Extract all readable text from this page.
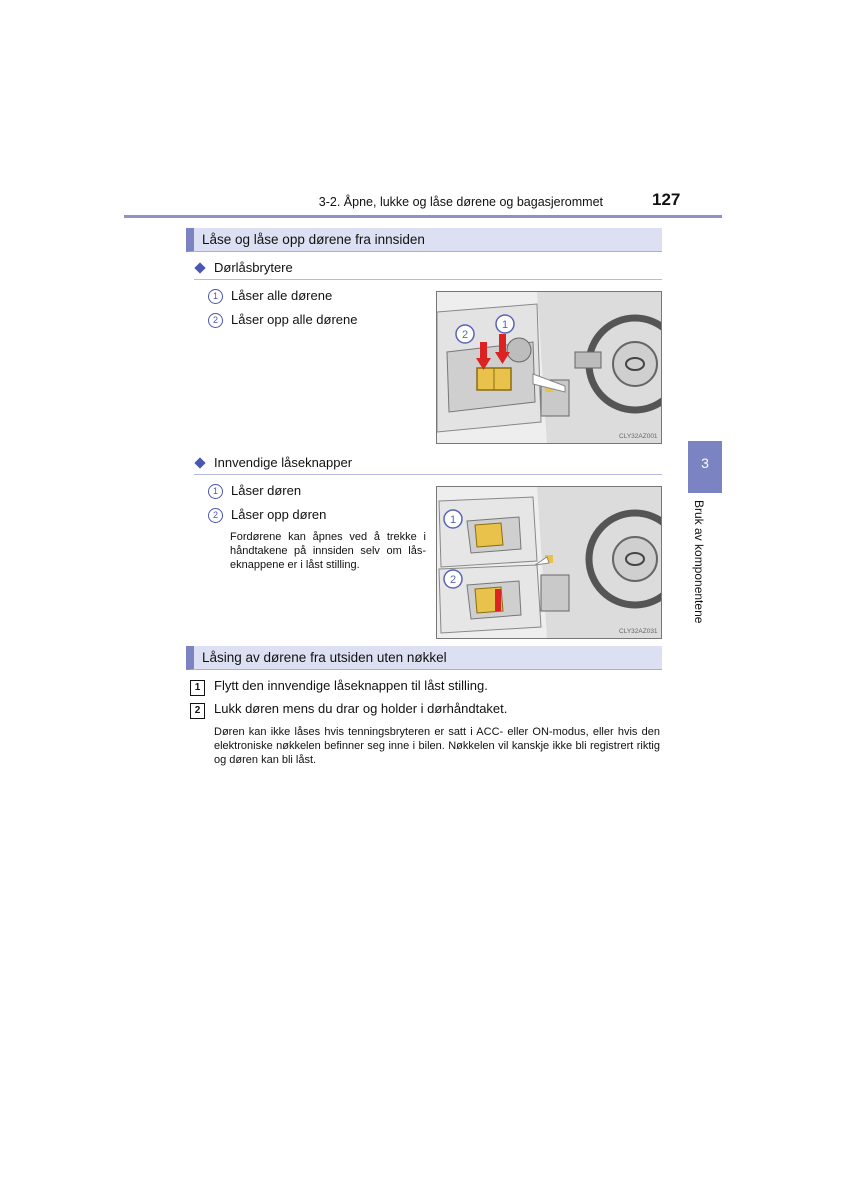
3-2. Åpne, lukke og låse dørene og bagasjerommet	127
Låse og låse opp dørene fra innsiden
Dørlåsbrytere
1 Låser alle dørene
2 Låser opp alle dørene
2
1
CLY32AZ001
Innvendige låseknapper
1 Låser døren
2 Låser opp døren
Fordørene kan åpnes ved å trekke i håndtakene på innsiden selv om lås-eknappene er i låst stilling.
1
2
CLY32AZ031
Låsing av dørene fra utsiden uten nøkkel
1 Flytt den innvendige låseknappen til låst stilling.
2 Lukk døren mens du drar og holder i dørhåndtaket.
Døren kan ikke låses hvis tenningsbryteren er satt i ACC- eller ON-modus, eller hvis den elektroniske nøkkelen befinner seg inne i bilen. Nøkkelen vil kanskje ikke bli registrert riktig og døren kan bli låst.
3
Bruk av komponentene
